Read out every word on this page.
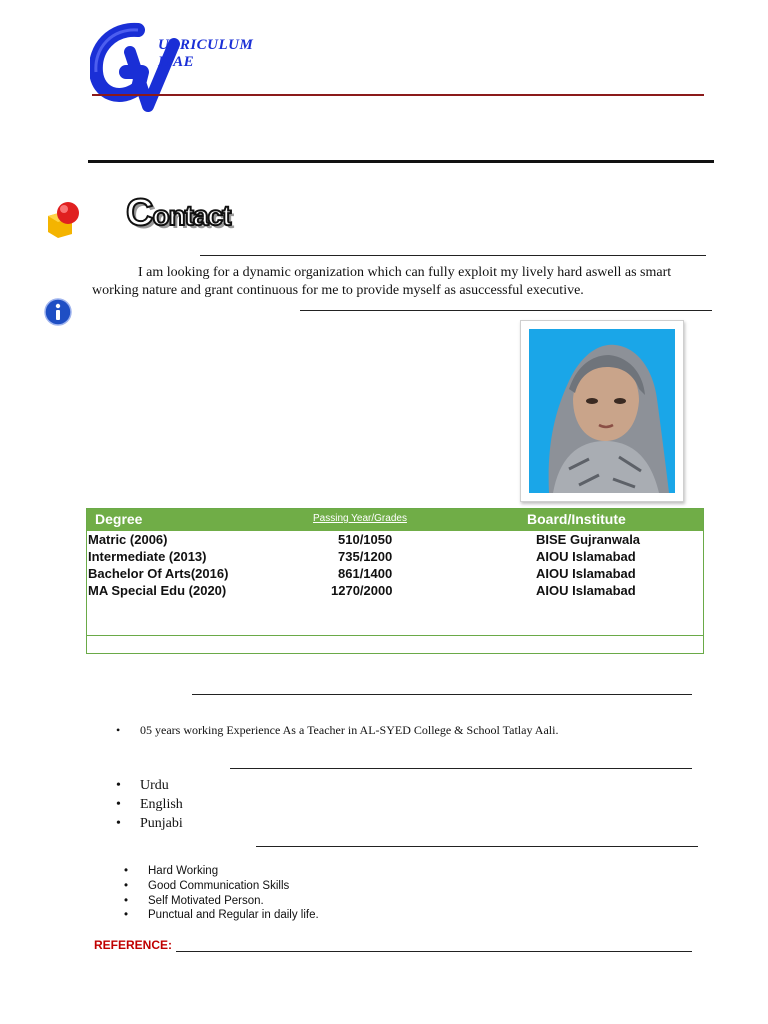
URRICULUM
ITAE
Contact

I am looking for a dynamic organization which can fully exploit my lively hard aswell as smart working nature and grant continuous for me to provide myself as asuccessful executive.

Degree	Passing Year/Grades	Board/Institute
Matric (2006)	510/1050	BISE Gujranwala
Intermediate (2013)	735/1200	AIOU Islamabad
Bachelor Of Arts(2016)	861/1400	AIOU Islamabad
MA Special Edu (2020)	1270/2000	AIOU Islamabad
• 05 years working Experience As a Teacher in AL-SYED College & School Tatlay Aali.
• Urdu
• English
• Punjabi
• Hard Working
• Good Communication Skills
• Self Motivated Person.
• Punctual and Regular in daily life.
REFERENCE:
